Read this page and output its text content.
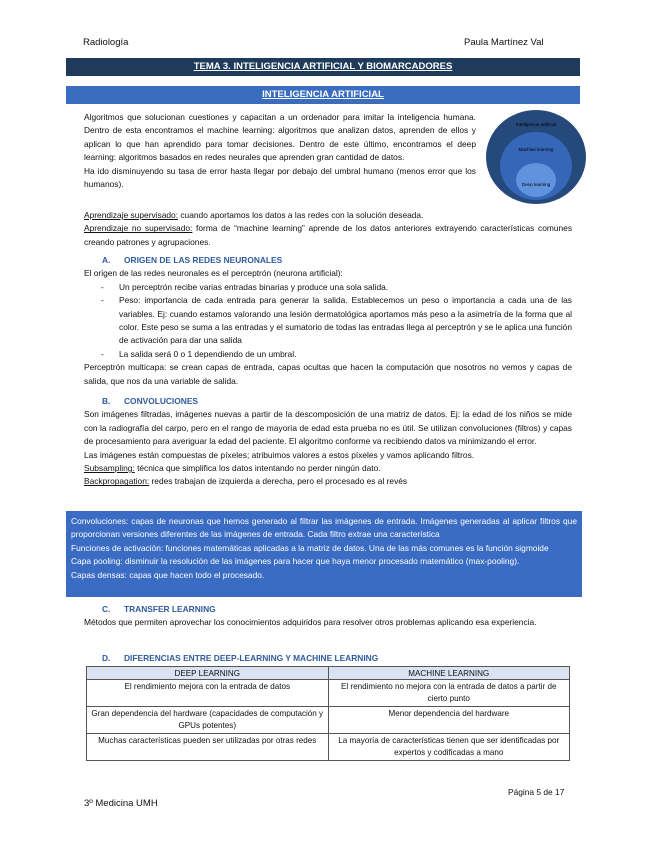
Radiología	Paula Martínez Val
TEMA 3. INTELIGENCIA ARTIFICIAL Y BIOMARCADORES
INTELIGENCIA ARTIFICIAL
Inteligencia artificial
Machine learning
Deep learning

Algoritmos que solucionan cuestiones y capacitan a un ordenador para imitar la inteligencia humana. Dentro de esta encontramos el machine learning: algoritmos que analizan datos, aprenden de ellos y aplican lo que han aprendido para tomar decisiones. Dentro de este último, encontramos el deep learning: algoritmos basados en redes neurales que aprenden gran cantidad de datos.

Ha ido disminuyendo su tasa de error hasta llegar por debajo del umbral humano (menos error que los humanos).

Aprendizaje supervisado: cuando aportamos los datos a las redes con la solución deseada.

Aprendizaje no supervisado: forma de “machine learning” aprende de los datos anteriores extrayendo características comunes creando patrones y agrupaciones.

A. ORIGEN DE LAS REDES NEURONALES

El origen de las redes neuronales es el perceptrón (neurona artificial):

- Un perceptrón recibe varias entradas binarias y produce una sola salida.
- Peso: importancia de cada entrada para generar la salida. Establecemos un peso o importancia a cada una de las variables. Ej: cuando estamos valorando una lesión dermatológica aportamos más peso a la asimetría de la forma que al color. Este peso se suma a las entradas y el sumatorio de todas las entradas llega al perceptrón y se le aplica una función de activación para dar una salida
- La salida será 0 o 1 dependiendo de un umbral.

Perceptrón multicapa: se crean capas de entrada, capas ocultas que hacen la computación que nosotros no vemos y capas de salida, que nos da una variable de salida.

B. CONVOLUCIONES

Son imágenes filtradas, imágenes nuevas a partir de la descomposición de una matriz de datos. Ej: la edad de los niños se mide con la radiografía del carpo, pero en el rango de mayoría de edad esta prueba no es útil. Se utilizan convoluciones (filtros) y capas de procesamiento para averiguar la edad del paciente. El algoritmo conforme va recibiendo datos va minimizando el error.

Las imágenes están compuestas de píxeles; atribuimos valores a estos píxeles y vamos aplicando filtros.

Subsampling: técnica que simplifica los datos intentando no perder ningún dato.

Backpropagation: redes trabajan de izquierda a derecha, pero el procesado es al revés

Convoluciones: capas de neuronas que hemos generado al filtrar las imágenes de entrada. Imágenes generadas al aplicar filtros que proporcionan versiones diferentes de las imágenes de entrada. Cada filtro extrae una característica
Funciones de activación: funciones matemáticas aplicadas a la matriz de datos. Una de las más comunes es la función sigmoide
Capa pooling: disminuir la resolución de las imágenes para hacer que haya menor procesado matemático (max-pooling).
Capas densas: capas que hacen todo el procesado.
C. TRANSFER LEARNING

Métodos que permiten aprovechar los conocimientos adquiridos para resolver otros problemas aplicando esa experiencia.

D. DIFERENCIAS ENTRE DEEP-LEARNING Y MACHINE LEARNING
DEEP LEARNING	MACHINE LEARNING
El rendimiento mejora con la entrada de datos	El rendimiento no mejora con la entrada de datos a partir de cierto punto
Gran dependencia del hardware (capacidades de computación y GPUs potentes)	Menor dependencia del hardware
Muchas características pueden ser utilizadas por otras redes	La mayoría de características tienen que ser identificadas por expertos y codificadas a mano
Página 5 de 17
3º Medicina UMH
